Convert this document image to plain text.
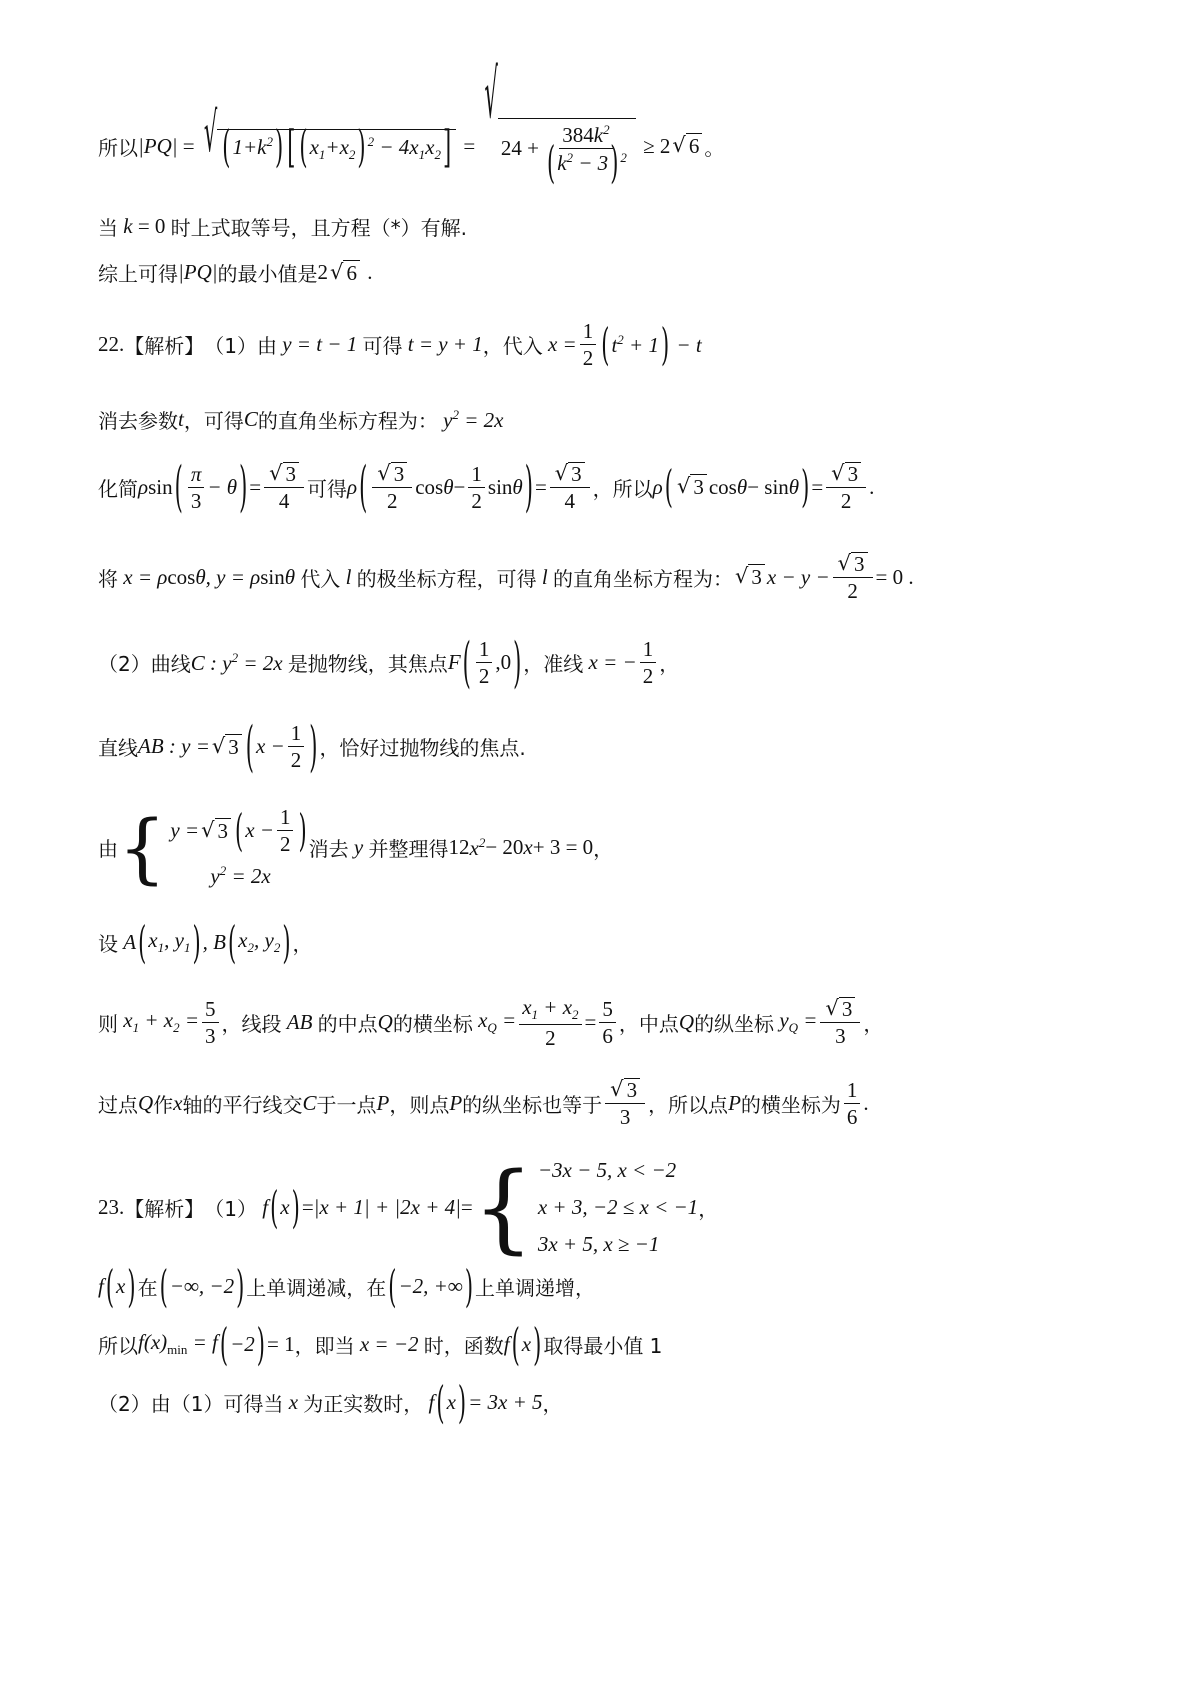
所以 |PQ| = √ $(1+k^2)$ [ $(x_1+x_2) ^2 - 4x_1x_2$] =
√
$24 + \frac{384k^2}{(k^2 - 3) ^2} \ge 2$ √ 6 。
当 k = 0 时上式取等号，且方程（*）有解.
综上可得 |PQ| 的最小值是 2 √ 6 .
22. 【解析】 （1） 由 y = t − 1 可得 t = y + 1 ，代入 $x = \frac{1}{2} (t^2 + 1) - t$
消去参数 t ，可得 C 的直角坐标方程为： $y^2 = 2x$
化简 ρ sin ( $\frac{\pi}{3} - \theta$ ) = $\frac{√ 3}{4}$ 可得 ρ ( $\frac{√ 3}{2}$ $\cos \theta - \frac{1}{2}$ sin θ ) = $\frac{√ 3}{4}$ ，所以 ρ ( √ 3 cos θ − sin θ ) = $\frac{√ 3}{2}$ .
将 x = ρ cos θ, y = ρ sin θ 代入 l 的极坐标方程，可得 l 的直角坐标方程为： √ 3 $x - y - \frac{√ 3}{2} = 0$ .
（2）曲线 C : $y^2 = 2x$ 是抛物线，其焦点 F ( $\frac{1}{2} ,0$ ) ，准线 x = − $\frac{1}{2}$ ，
直线 AB : y = √ 3 ( $x - \frac{1}{2}$ ) ，恰好过抛物线的焦点.
由 { y = √ 3 ( $x - \frac{1}{2}$ )
$y^2 = 2x$
消去 y 并整理得 12 $x^2 - 20$ x + 3 = 0 ，
设 A ( $x_1$, $y_1$ ) , B ( $x_2$, $y_2$ ) ，
则 $x_1 + x_2 = \frac{5}{3}$ ，线段 AB 的中点 Q 的横坐标 $x_Q = \frac{x_1 + x_2}{2} = \frac{5}{6}$ ，中点 Q 的纵坐标 $y_Q = \frac{√ 3}{3}$ ，
过点 Q 作 x 轴的平行线交 C 于一点 P ，则点 P 的纵坐标也等于 $\frac{√ 3}{3}$ ，所以点 P 的横坐标为 $\frac{1}{6}$ .
23. 【解析】 （1） f ( x ) = |x + 1| + |2x + 4| = { −3x − 5, x < −2
x + 3, −2 ≤ x < −1 ，
3x + 5, x ≥ −1
f ( x ) 在 ( −∞, −2 ) 上单调递减，在 ( −2, +∞ ) 上单调递增，
所以 $f(x)_{min} = f$ ( −2 ) = 1 ，即当 x = −2 时，函数 f ( x ) 取得最小值 1
（2）由（1）可得当 x 为正实数时， f ( x ) = 3x + 5 ，
